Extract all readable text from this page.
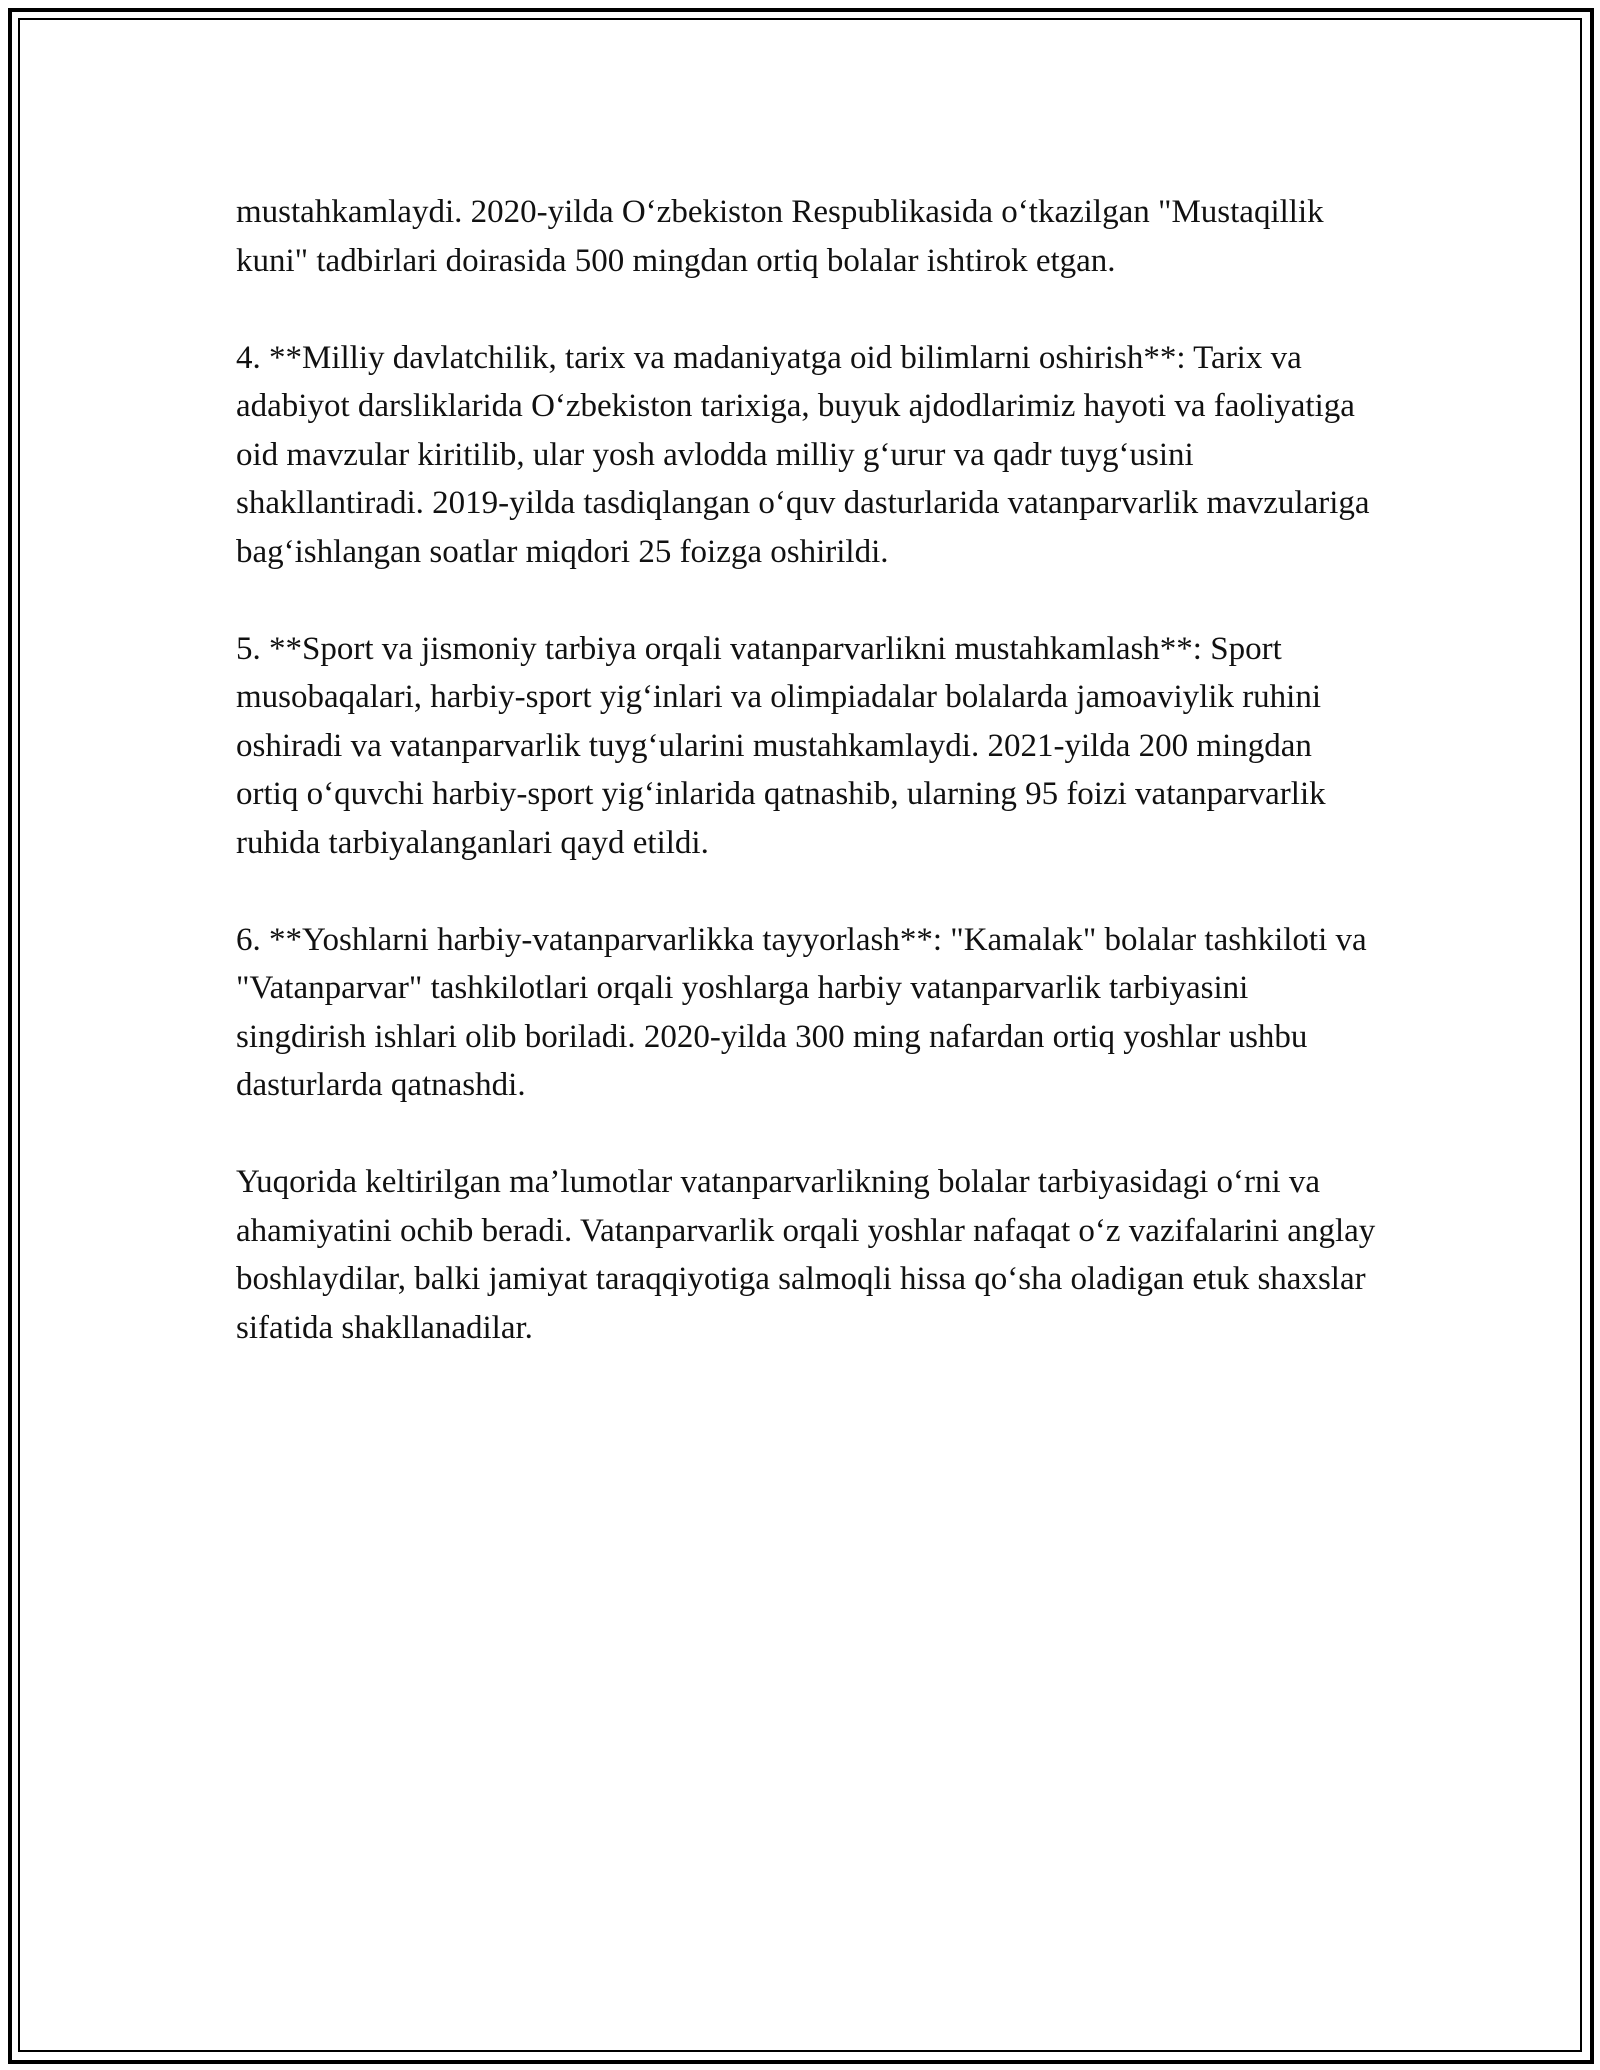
mustahkamlaydi. 2020-yilda O‘zbekiston Respublikasida o‘tkazilgan "Mustaqillik kuni" tadbirlari doirasida 500 mingdan ortiq bolalar ishtirok etgan.

4. **Milliy davlatchilik, tarix va madaniyatga oid bilimlarni oshirish**: Tarix va adabiyot darsliklarida O‘zbekiston tarixiga, buyuk ajdodlarimiz hayoti va faoliyatiga oid mavzular kiritilib, ular yosh avlodda milliy g‘urur va qadr tuyg‘usini shakllantiradi. 2019-yilda tasdiqlangan o‘quv dasturlarida vatanparvarlik mavzulariga bag‘ishlangan soatlar miqdori 25 foizga oshirildi.

5. **Sport va jismoniy tarbiya orqali vatanparvarlikni mustahkamlash**: Sport musobaqalari, harbiy-sport yig‘inlari va olimpiadalar bolalarda jamoaviylik ruhini oshiradi va vatanparvarlik tuyg‘ularini mustahkamlaydi. 2021-yilda 200 mingdan ortiq o‘quvchi harbiy-sport yig‘inlarida qatnashib, ularning 95 foizi vatanparvarlik ruhida tarbiyalanganlari qayd etildi.

6. **Yoshlarni harbiy-vatanparvarlikka tayyorlash**: "Kamalak" bolalar tashkiloti va "Vatanparvar" tashkilotlari orqali yoshlarga harbiy vatanparvarlik tarbiyasini singdirish ishlari olib boriladi. 2020-yilda 300 ming nafardan ortiq yoshlar ushbu dasturlarda qatnashdi.

Yuqorida keltirilgan ma’lumotlar vatanparvarlikning bolalar tarbiyasidagi o‘rni va ahamiyatini ochib beradi. Vatanparvarlik orqali yoshlar nafaqat o‘z vazifalarini anglay boshlaydilar, balki jamiyat taraqqiyotiga salmoqli hissa qo‘sha oladigan etuk shaxslar sifatida shakllanadilar.
